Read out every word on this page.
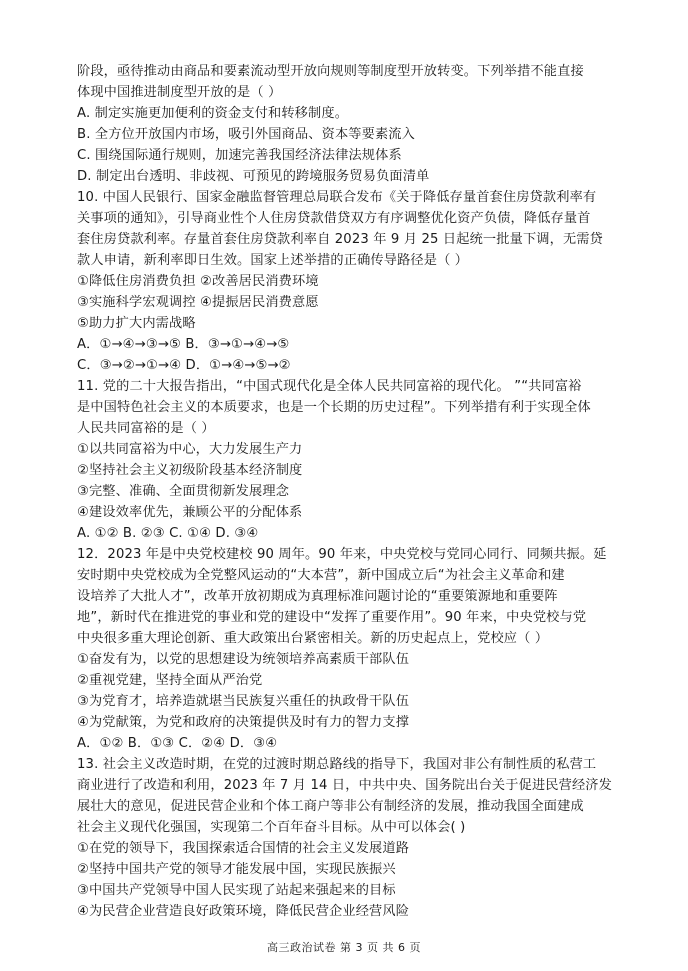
阶段，亟待推动由商品和要素流动型开放向规则等制度型开放转变。下列举措不能直接
体现中国推进制度型开放的是（ ）
A. 制定实施更加便利的资金支付和转移制度。
B. 全方位开放国内市场，吸引外国商品、资本等要素流入
C. 围绕国际通行规则，加速完善我国经济法律法规体系
D. 制定出台透明、非歧视、可预见的跨境服务贸易负面清单
10. 中国人民银行、国家金融监督管理总局联合发布《关于降低存量首套住房贷款利率有
关事项的通知》，引导商业性个人住房贷款借贷双方有序调整优化资产负债，降低存量首
套住房贷款利率。存量首套住房贷款利率自 2023 年 9 月 25 日起统一批量下调，无需贷
款人申请，新利率即日生效。国家上述举措的正确传导路径是（ ）
①降低住房消费负担 ②改善居民消费环境
③实施科学宏观调控 ④提振居民消费意愿
⑤助力扩大内需战略
A．①→④→③→⑤ B．③→①→④→⑤
C．③→②→①→④ D．①→④→⑤→②
11. 党的二十大报告指出，“中国式现代化是全体人民共同富裕的现代化。 ”“共同富裕
是中国特色社会主义的本质要求，也是一个长期的历史过程”。下列举措有利于实现全体
人民共同富裕的是（ ）
①以共同富裕为中心，大力发展生产力
②坚持社会主义初级阶段基本经济制度
③完整、准确、全面贯彻新发展理念
④建设效率优先，兼顾公平的分配体系
A. ①② B. ②③ C. ①④ D. ③④
12．2023 年是中央党校建校 90 周年。90 年来，中央党校与党同心同行、同频共振。延
安时期中央党校成为全党整风运动的“大本营”，新中国成立后“为社会主义革命和建
设培养了大批人才”，改革开放初期成为真理标准问题讨论的“重要策源地和重要阵
地”，新时代在推进党的事业和党的建设中“发挥了重要作用”。90 年来，中央党校与党
中央很多重大理论创新、重大政策出台紧密相关。新的历史起点上，党校应（ ）
①奋发有为，以党的思想建设为统领培养高素质干部队伍
②重视党建，坚持全面从严治党
③为党育才，培养造就堪当民族复兴重任的执政骨干队伍
④为党献策，为党和政府的决策提供及时有力的智力支撑
A．①② B．①③ C．②④ D．③④
13. 社会主义改造时期，在党的过渡时期总路线的指导下，我国对非公有制性质的私营工
商业进行了改造和利用，2023 年 7 月 14 日，中共中央、国务院出台关于促进民营经济发
展壮大的意见，促进民营企业和个体工商户等非公有制经济的发展，推动我国全面建成
社会主义现代化强国，实现第二个百年奋斗目标。从中可以体会( )
①在党的领导下，我国探索适合国情的社会主义发展道路
②坚持中国共产党的领导才能发展中国，实现民族振兴
③中国共产党领导中国人民实现了站起来强起来的目标
④为民营企业营造良好政策环境，降低民营企业经营风险
高三政治试卷 第 3 页 共 6 页
